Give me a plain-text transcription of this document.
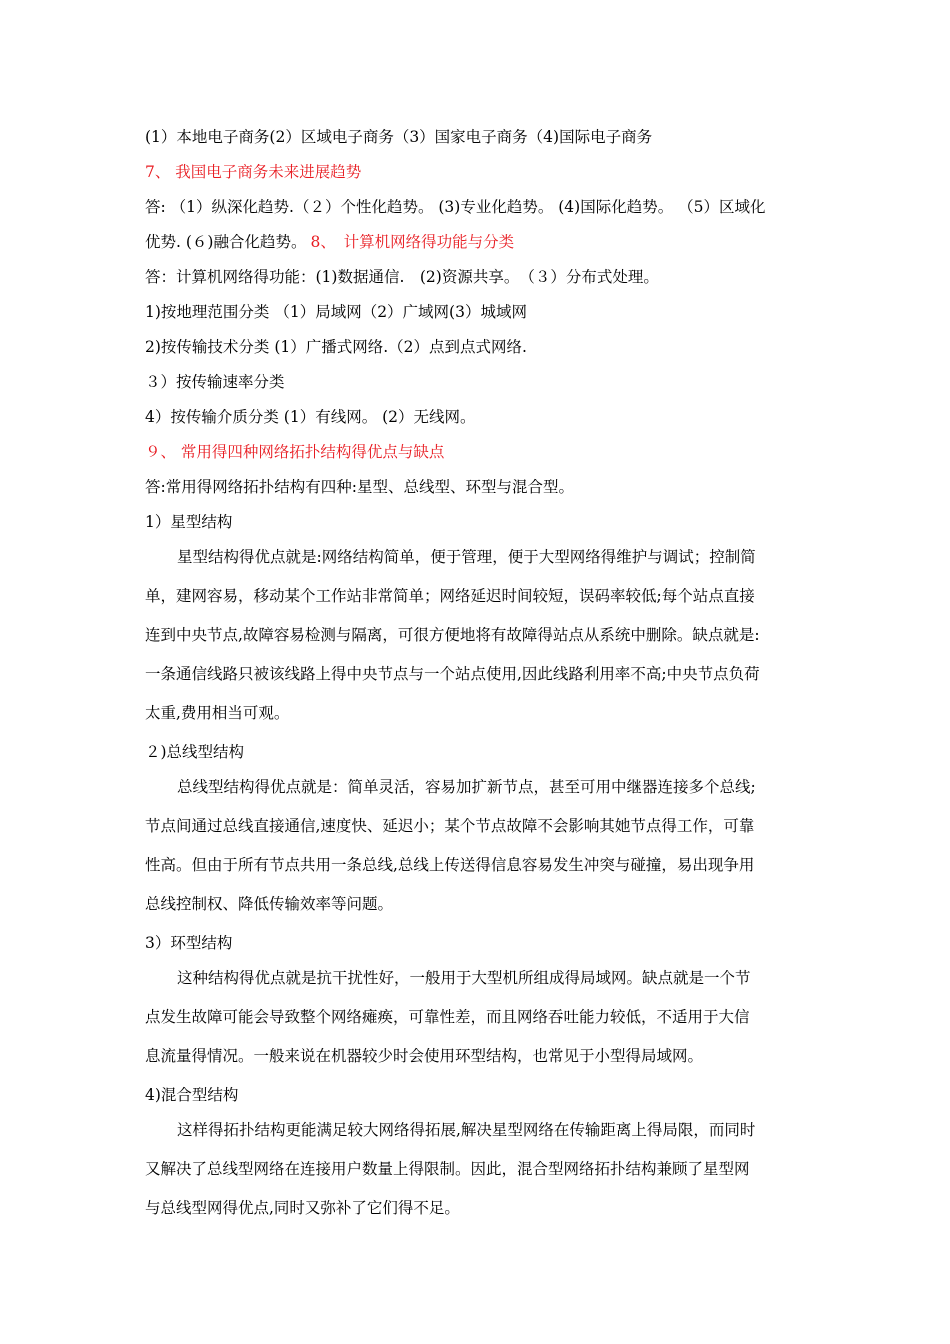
(1）本地电子商务(2）区域电子商务（3）国家电子商务（4)国际电子商务
7、 我国电子商务未来进展趋势
答: （1）纵深化趋势.（２）个性化趋势。 (3)专业化趋势。 (4)国际化趋势。 （5）区域化
优势. (６)融合化趋势。 8、　计算机网络得功能与分类
答：计算机网络得功能：(1)数据通信.　(2)资源共享。　（３）分布式处理。
1)按地理范围分类 （1）局域网（2）广域网(3）城域网
2)按传输技术分类 (1）广播式网络.（2）点到点式网络.
３）按传输速率分类
4）按传输介质分类 (1）有线网。 (2）无线网。
９、 常用得四种网络拓扑结构得优点与缺点
答:常用得网络拓扑结构有四种:星型、总线型、环型与混合型。
1）星型结构
星型结构得优点就是:网络结构简单，便于管理，便于大型网络得维护与调试；控制简
单，建网容易，移动某个工作站非常简单；网络延迟时间较短，误码率较低;每个站点直接
连到中央节点,故障容易检测与隔离，可很方便地将有故障得站点从系统中删除。缺点就是:
一条通信线路只被该线路上得中央节点与一个站点使用,因此线路利用率不高;中央节点负荷
太重,费用相当可观。
２)总线型结构
总线型结构得优点就是：简单灵活，容易加扩新节点，甚至可用中继器连接多个总线;
节点间通过总线直接通信,速度快、延迟小；某个节点故障不会影响其她节点得工作，可靠
性高。但由于所有节点共用一条总线,总线上传送得信息容易发生冲突与碰撞，易出现争用
总线控制权、降低传输效率等问题。
3）环型结构
这种结构得优点就是抗干扰性好，一般用于大型机所组成得局域网。缺点就是一个节
点发生故障可能会导致整个网络瘫痪，可靠性差，而且网络吞吐能力较低，不适用于大信
息流量得情况。一般来说在机器较少时会使用环型结构，也常见于小型得局域网。
4)混合型结构
这样得拓扑结构更能满足较大网络得拓展,解决星型网络在传输距离上得局限，而同时
又解决了总线型网络在连接用户数量上得限制。因此，混合型网络拓扑结构兼顾了星型网
与总线型网得优点,同时又弥补了它们得不足。
